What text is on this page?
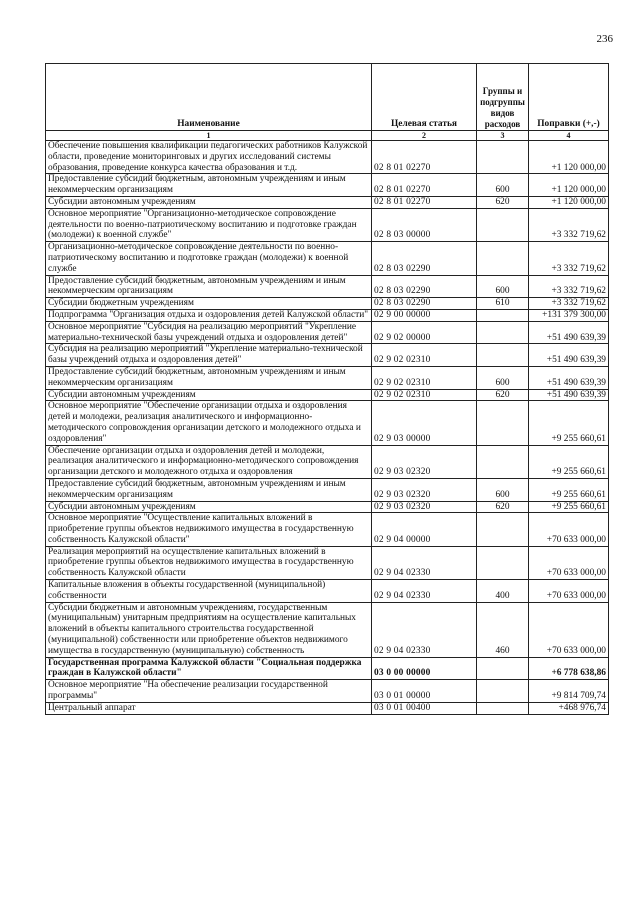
236
Наименование	Целевая статья	Группы и подгруппы видов расходов	Поправки (+,-)
1	2	3	4
Обеспечение повышения квалификации педагогических работников Калужской области, проведение мониторинговых и других исследований системы образования, проведение конкурса качества образования и т.д.	02 8 01 02270		+1 120 000,00
Предоставление субсидий бюджетным, автономным учреждениям и иным некоммерческим организациям	02 8 01 02270	600	+1 120 000,00
Субсидии автономным учреждениям	02 8 01 02270	620	+1 120 000,00
Основное мероприятие "Организационно-методическое сопровождение деятельности по военно-патриотическому воспитанию и подготовке граждан (молодежи) к военной службе"	02 8 03 00000		+3 332 719,62
Организационно-методическое сопровождение деятельности по военно-патриотическому воспитанию и подготовке граждан (молодежи) к военной службе	02 8 03 02290		+3 332 719,62
Предоставление субсидий бюджетным, автономным учреждениям и иным некоммерческим организациям	02 8 03 02290	600	+3 332 719,62
Субсидии бюджетным учреждениям	02 8 03 02290	610	+3 332 719,62
Подпрограмма "Организация отдыха и оздоровления детей Калужской области"	02 9 00 00000		+131 379 300,00
Основное мероприятие "Субсидия на реализацию мероприятий "Укрепление материально-технической базы учреждений отдыха и оздоровления детей"	02 9 02 00000		+51 490 639,39
Субсидия на реализацию мероприятий "Укрепление материально-технической базы учреждений отдыха и оздоровления детей"	02 9 02 02310		+51 490 639,39
Предоставление субсидий бюджетным, автономным учреждениям и иным некоммерческим организациям	02 9 02 02310	600	+51 490 639,39
Субсидии автономным учреждениям	02 9 02 02310	620	+51 490 639,39
Основное мероприятие "Обеспечение организации отдыха и оздоровления детей и молодежи, реализация аналитического и информационно-методического сопровождения организации детского и молодежного отдыха и оздоровления"	02 9 03 00000		+9 255 660,61
Обеспечение организации отдыха и оздоровления детей и молодежи, реализация аналитического и информационно-методического сопровождения организации детского и молодежного отдыха и оздоровления	02 9 03 02320		+9 255 660,61
Предоставление субсидий бюджетным, автономным учреждениям и иным некоммерческим организациям	02 9 03 02320	600	+9 255 660,61
Субсидии автономным учреждениям	02 9 03 02320	620	+9 255 660,61
Основное мероприятие "Осуществление капитальных вложений в приобретение группы объектов недвижимого имущества в государственную собственность Калужской области"	02 9 04 00000		+70 633 000,00
Реализация мероприятий на осуществление капитальных вложений в приобретение группы объектов недвижимого имущества в государственную собственность Калужской области	02 9 04 02330		+70 633 000,00
Капитальные вложения в объекты государственной (муниципальной) собственности	02 9 04 02330	400	+70 633 000,00
Субсидии бюджетным и автономным учреждениям, государственным (муниципальным) унитарным предприятиям на осуществление капитальных вложений в объекты капитального строительства государственной (муниципальной) собственности или приобретение объектов недвижимого имущества в государственную (муниципальную) собственность	02 9 04 02330	460	+70 633 000,00
Государственная программа Калужской области "Социальная поддержка граждан в Калужской области"	03 0 00 00000		+6 778 638,86
Основное мероприятие "На обеспечение реализации государственной программы"	03 0 01 00000		+9 814 709,74
Центральный аппарат	03 0 01 00400		+468 976,74
